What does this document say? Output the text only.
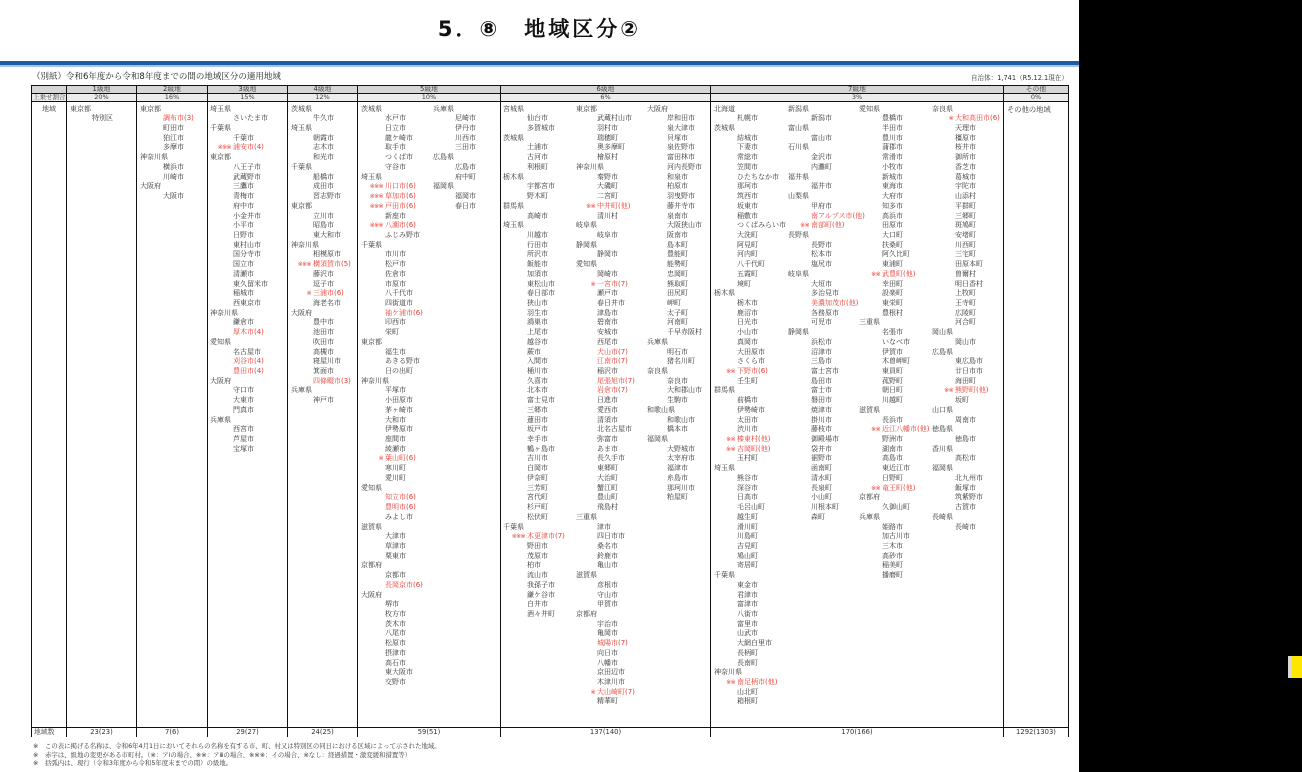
5．⑧　地域区分②
（別紙）令和6年度から令和8年度までの間の地域区分の適用地域	自治体：1,741（R5.12.1現在）
上乗せ割合
地域
地域数
1級地
20%
東京都
特別区
23(23)
2級地
16%
東京都
調布市(3)
町田市
狛江市
多摩市
神奈川県
横浜市
川崎市
大阪府
大阪市
7(6)
3級地
15%
埼玉県
さいたま市
千葉県
千葉市
※※※ 浦安市(4)
東京都
八王子市
武蔵野市
三鷹市
青梅市
府中市
小金井市
小平市
日野市
東村山市
国分寺市
国立市
清瀬市
東久留米市
稲城市
西東京市
神奈川県
鎌倉市
厚木市(4)
愛知県
名古屋市
刈谷市(4)
豊田市(4)
大阪府
守口市
大東市
門真市
兵庫県
西宮市
芦屋市
宝塚市
29(27)
4級地
12%
茨城県
牛久市
埼玉県
朝霞市
志木市
和光市
千葉県
船橋市
成田市
習志野市
東京都
立川市
昭島市
東大和市
神奈川県
相模原市
※※※ 横須賀市(5)
藤沢市
逗子市
※ 三浦市(6)
海老名市
大阪府
豊中市
池田市
吹田市
高槻市
寝屋川市
箕面市
四條畷市(3)
兵庫県
神戸市
24(25)
5級地
10%
茨城県
水戸市
日立市
龍ケ崎市
取手市
つくば市
守谷市
埼玉県
※※※ 川口市(6)
※※※ 草加市(6)
※※※ 戸田市(6)
新座市
※※※ 八潮市(6)
ふじみ野市
千葉県
市川市
松戸市
佐倉市
市原市
八千代市
四街道市
袖ケ浦市(6)
印西市
栄町
東京都
福生市
あきる野市
日の出町
神奈川県
平塚市
小田原市
茅ヶ崎市
大和市
伊勢原市
座間市
綾瀬市
※ 葉山町(6)
寒川町
愛川町
愛知県
知立市(6)
豊明市(6)
みよし市
滋賀県
大津市
草津市
栗東市
京都府
京都市
長岡京市(6)
大阪府
堺市
枚方市
茨木市
八尾市
松原市
摂津市
高石市
東大阪市
交野市
兵庫県
尼崎市
伊丹市
川西市
三田市
広島県
広島市
府中町
福岡県
福岡市
春日市
59(51)
6級地
6%
宮城県
仙台市
多賀城市
茨城県
土浦市
古河市
利根町
栃木県
宇都宮市
野木町
群馬県
高崎市
埼玉県
川越市
行田市
所沢市
飯能市
加須市
東松山市
春日部市
狭山市
羽生市
鴻巣市
上尾市
越谷市
蕨市
入間市
桶川市
久喜市
北本市
富士見市
三郷市
蓮田市
坂戸市
幸手市
鶴ヶ島市
吉川市
白岡市
伊奈町
三芳町
宮代町
杉戸町
松伏町
千葉県
※※※ 木更津市(7)
野田市
茂原市
柏市
流山市
我孫子市
鎌ケ谷市
白井市
酒々井町
東京都
武蔵村山市
羽村市
瑞穂町
奥多摩町
檜原村
神奈川県
秦野市
大磯町
二宮町
※※ 中井町(他)
清川村
岐阜県
岐阜市
静岡県
静岡市
愛知県
岡崎市
※ 一宮市(7)
瀬戸市
春日井市
津島市
碧南市
安城市
西尾市
犬山市(7)
江南市(7)
稲沢市
尾張旭市(7)
岩倉市(7)
日進市
愛西市
清須市
北名古屋市
弥富市
あま市
長久手市
東郷町
大治町
蟹江町
豊山町
飛島村
三重県
津市
四日市市
桑名市
鈴鹿市
亀山市
滋賀県
彦根市
守山市
甲賀市
京都府
宇治市
亀岡市
城陽市(7)
向日市
八幡市
京田辺市
木津川市
※ 大山崎町(7)
精華町
大阪府
岸和田市
泉大津市
貝塚市
泉佐野市
富田林市
河内長野市
和泉市
柏原市
羽曳野市
藤井寺市
泉南市
大阪狭山市
阪南市
島本町
豊能町
能勢町
忠岡町
熊取町
田尻町
岬町
太子町
河南町
千早赤阪村
兵庫県
明石市
猪名川町
奈良県
奈良市
大和郡山市
生駒市
和歌山県
和歌山市
橋本市
福岡県
大野城市
太宰府市
福津市
糸島市
那珂川市
粕屋町
137(140)
7級地
3%
北海道
札幌市
茨城県
結城市
下妻市
常総市
笠間市
ひたちなか市
那珂市
筑西市
坂東市
稲敷市
つくばみらい市
大洗町
阿見町
河内町
八千代町
五霞町
境町
栃木県
栃木市
鹿沼市
日光市
小山市
真岡市
大田原市
さくら市
※※ 下野市(6)
壬生町
群馬県
前橋市
伊勢崎市
太田市
渋川市
※※ 榛東村(他)
※※ 吉岡町(他)
玉村町
埼玉県
熊谷市
深谷市
日高市
毛呂山町
越生町
滑川町
川島町
吉見町
鳩山町
寄居町
千葉県
東金市
君津市
富津市
八街市
富里市
山武市
大網白里市
長柄町
長南町
神奈川県
※※ 南足柄市(他)
山北町
箱根町
新潟県
新潟市
富山県
富山市
石川県
金沢市
内灘町
福井県
福井市
山梨県
甲府市
南アルプス市(他)
※※ 南部町(他)
長野県
長野市
松本市
塩尻市
岐阜県
大垣市
多治見市
美濃加茂市(他)
各務原市
可児市
静岡県
浜松市
沼津市
三島市
富士宮市
島田市
富士市
磐田市
焼津市
掛川市
藤枝市
御殿場市
袋井市
裾野市
函南町
清水町
長泉町
小山町
川根本町
森町
愛知県
豊橋市
半田市
豊川市
蒲郡市
常滑市
小牧市
新城市
東海市
大府市
知多市
高浜市
田原市
大口町
扶桑町
阿久比町
東浦町
※※ 武豊町(他)
幸田町
設楽町
東栄町
豊根村
三重県
名張市
いなべ市
伊賀市
木曽岬町
東員町
菰野町
朝日町
川越町
滋賀県
長浜市
※※ 近江八幡市(他)
野洲市
湖南市
高島市
東近江市
日野町
※※ 竜王町(他)
京都府
久御山町
兵庫県
姫路市
加古川市
三木市
高砂市
稲美町
播磨町
奈良県
※ 大和高田市(6)
天理市
橿原市
桜井市
御所市
香芝市
葛城市
宇陀市
山添村
平群町
三郷町
斑鳩町
安堵町
川西町
三宅町
田原本町
曽爾村
明日香村
上牧町
王寺町
広陵町
河合町
岡山県
岡山市
広島県
東広島市
廿日市市
海田町
※※ 熊野町(他)
坂町
山口県
周南市
徳島県
徳島市
香川県
高松市
福岡県
北九州市
飯塚市
筑紫野市
古賀市
長崎県
長崎市
170(166)
その他
0%
その他の地域
1292(1303)
※ この表に掲げる名称は、令和6年4月1日においてそれらの名称を有する市、町、村又は特別区の同日における区域によって示された地域。
※ 赤字は、級地の変更がある市町村。（※：アⅰの場合、※※：アⅲの場合、※※※：イの場合、※なし：経過措置・激変緩和措置等）
※ 括弧内は、現行（令和3年度から令和5年度末までの間）の級地。
